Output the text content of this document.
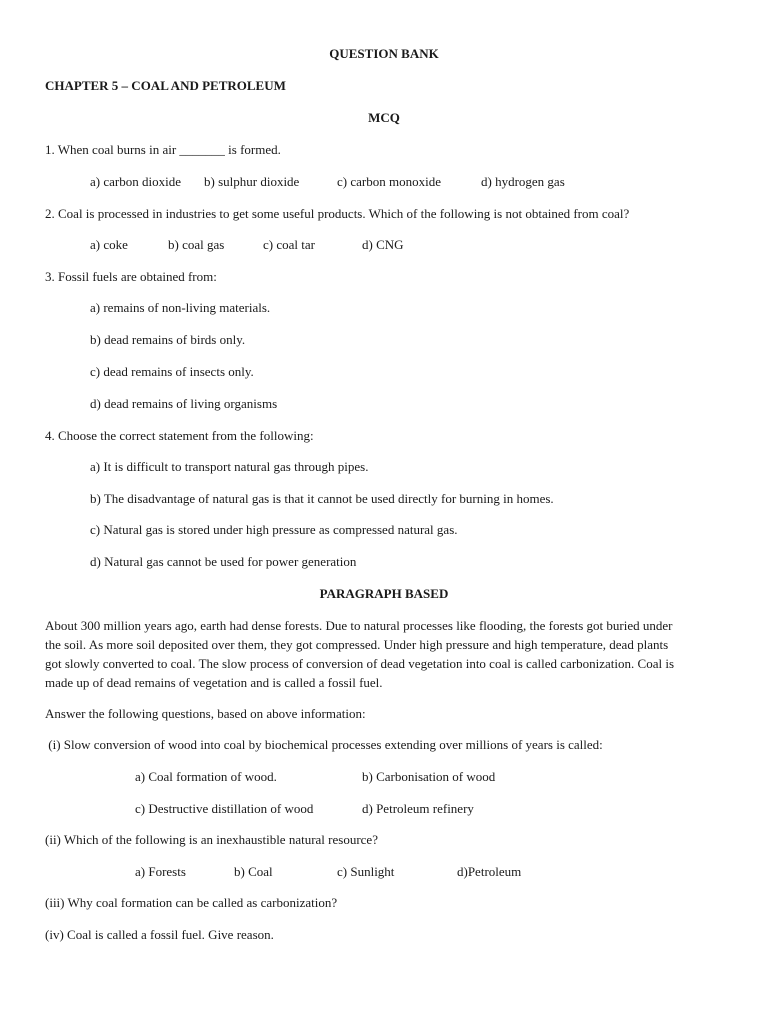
QUESTION BANK
CHAPTER 5 – COAL AND PETROLEUM
MCQ
1. When coal burns in air _______ is formed.
a) carbon dioxide b) sulphur dioxide	c) carbon monoxide	d) hydrogen gas
2. Coal is processed in industries to get some useful products. Which of the following is not obtained from coal?
a) coke	b) coal gas	c) coal tar	d) CNG
3. Fossil fuels are obtained from:
a) remains of non-living materials.
b) dead remains of birds only.
c) dead remains of insects only.
d) dead remains of living organisms
4. Choose the correct statement from the following:
a) It is difficult to transport natural gas through pipes.
b) The disadvantage of natural gas is that it cannot be used directly for burning in homes.
c) Natural gas is stored under high pressure as compressed natural gas.
d) Natural gas cannot be used for power generation
PARAGRAPH BASED
About 300 million years ago, earth had dense forests. Due to natural processes like flooding, the forests got buried under
the soil. As more soil deposited over them, they got compressed. Under high pressure and high temperature, dead plants
got slowly converted to coal. The slow process of conversion of dead vegetation into coal is called carbonization. Coal is
made up of dead remains of vegetation and is called a fossil fuel.
Answer the following questions, based on above information:
(i) Slow conversion of wood into coal by biochemical processes extending over millions of years is called:
a) Coal formation of wood.	b) Carbonisation of wood
c) Destructive distillation of wood	d) Petroleum refinery
(ii) Which of the following is an inexhaustible natural resource?
a) Forests	b) Coal	c) Sunlight	d)Petroleum
(iii) Why coal formation can be called as carbonization?
(iv) Coal is called a fossil fuel. Give reason.
